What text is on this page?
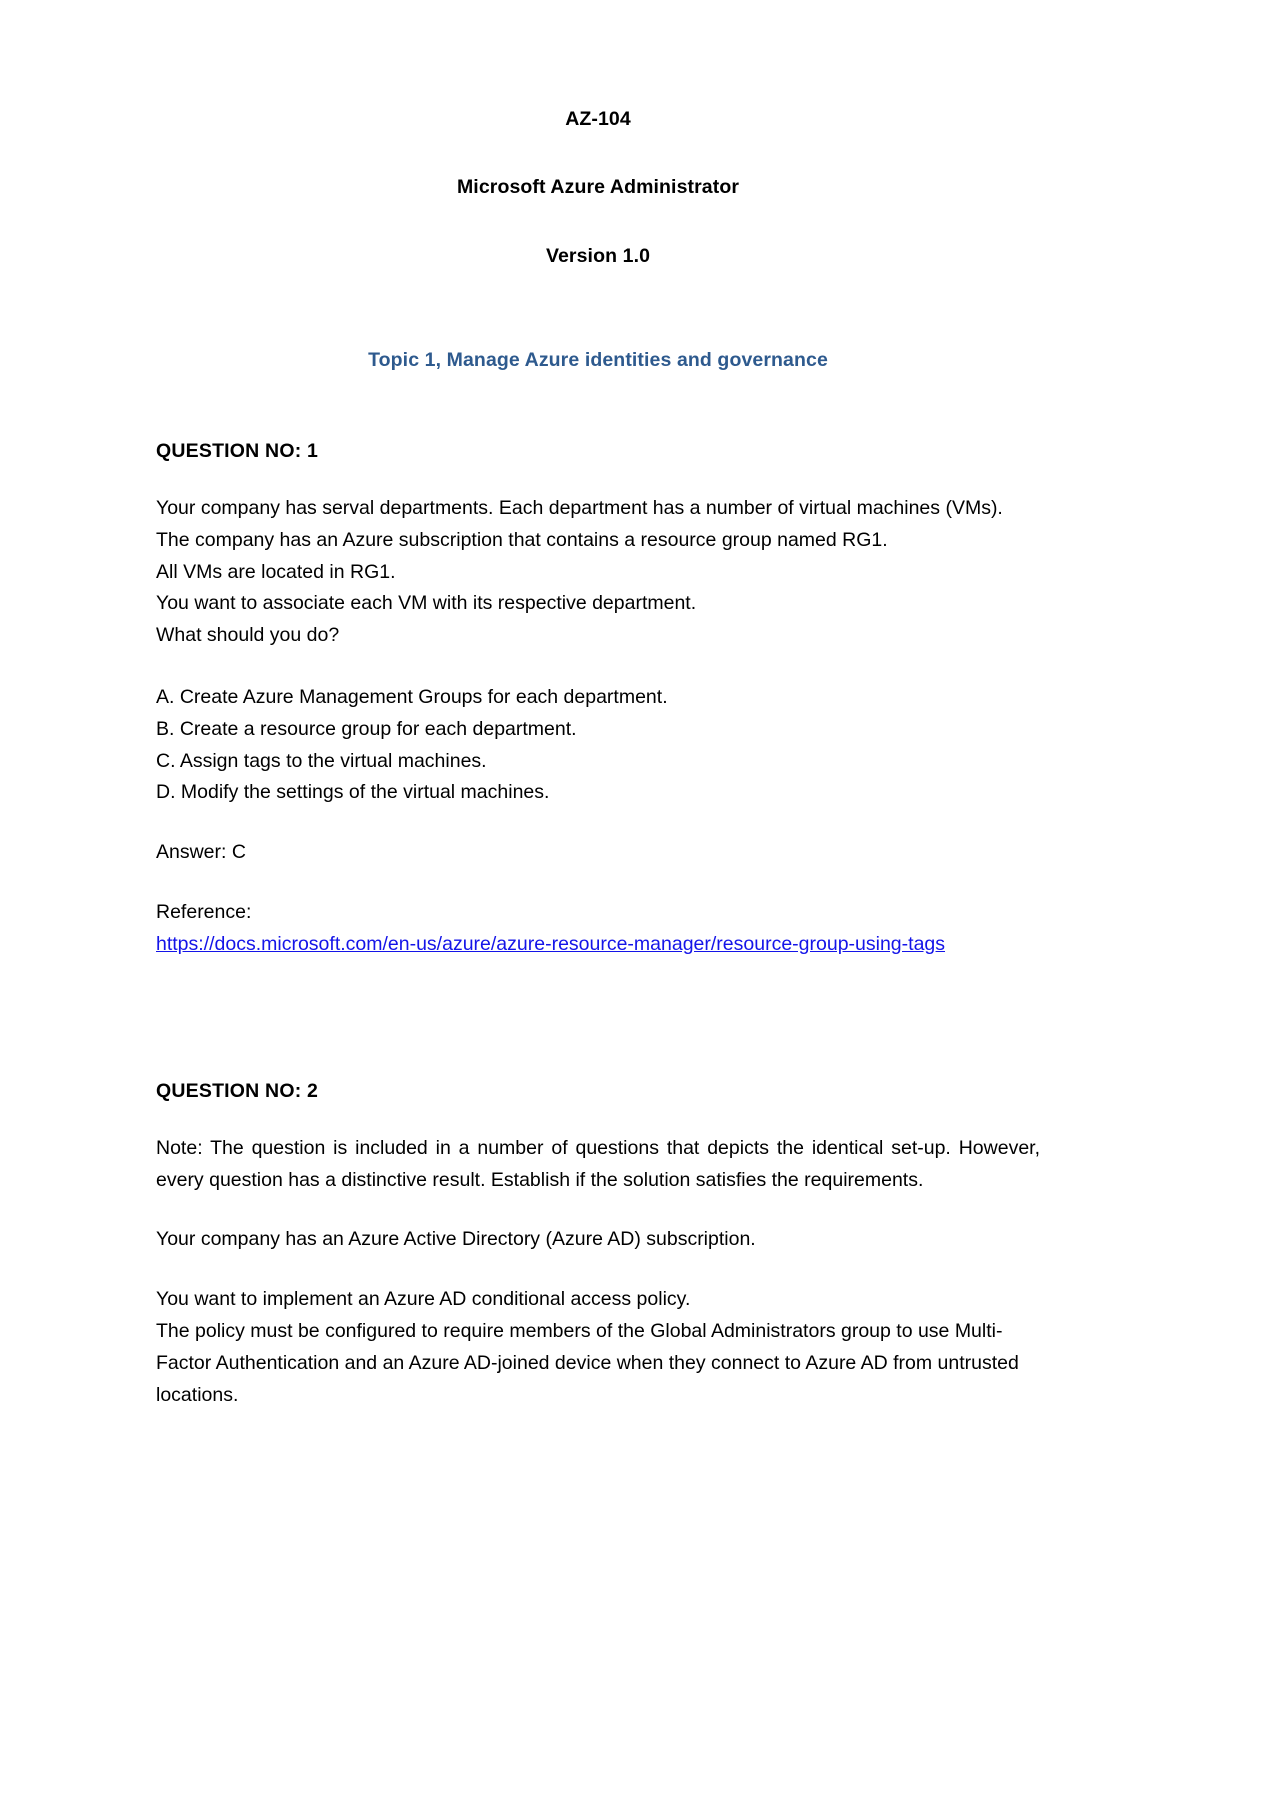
AZ-104
Microsoft Azure Administrator
Version 1.0
Topic 1, Manage Azure identities and governance
QUESTION NO: 1

Your company has serval departments. Each department has a number of virtual machines (VMs).

The company has an Azure subscription that contains a resource group named RG1.

All VMs are located in RG1.

You want to associate each VM with its respective department.

What should you do?

A. Create Azure Management Groups for each department.

B. Create a resource group for each department.

C. Assign tags to the virtual machines.

D. Modify the settings of the virtual machines.

Answer: C

Reference:

https://docs.microsoft.com/en-us/azure/azure-resource-manager/resource-group-using-tags

QUESTION NO: 2

Note: The question is included in a number of questions that depicts the identical set-up. However, every question has a distinctive result. Establish if the solution satisfies the requirements.

Your company has an Azure Active Directory (Azure AD) subscription.

You want to implement an Azure AD conditional access policy.

The policy must be configured to require members of the Global Administrators group to use Multi-Factor Authentication and an Azure AD-joined device when they connect to Azure AD from untrusted locations.
